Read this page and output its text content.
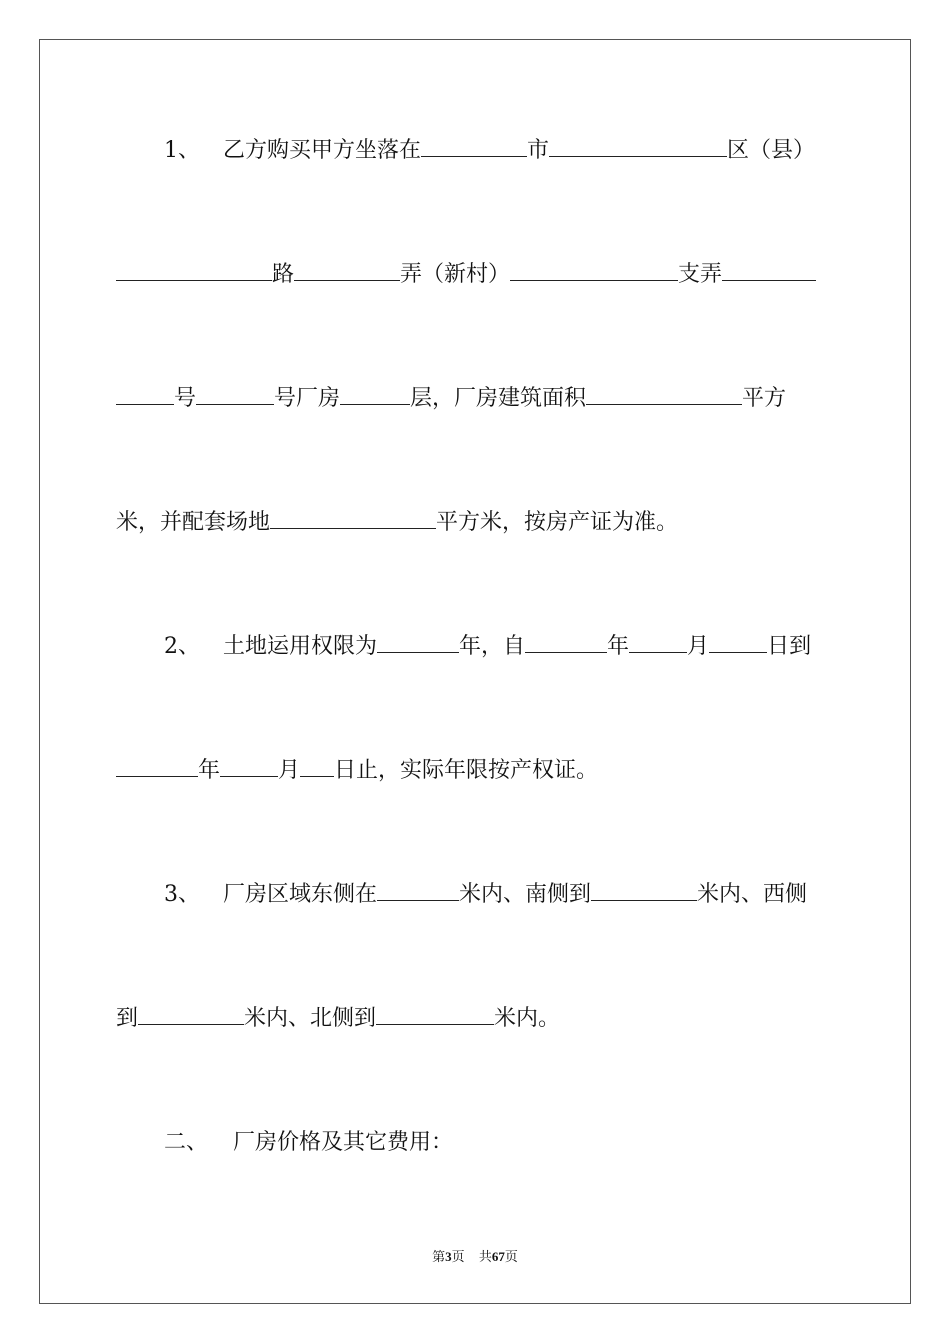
1、 乙方购买甲方坐落在	市	区（县）
路	弄（新村）	支弄
号	号厂房	层，厂房建筑面积	平方
米，并配套场地	平方米，按房产证为准。
2、 土地运用权限为	年，自	年	月	日到
年	月 日止，实际年限按产权证。
3、 厂房区域东侧在	米内、南侧到	米内、西侧
到	米内、北侧到	米内。
二、 厂房价格及其它费用：
第3页 共67页
